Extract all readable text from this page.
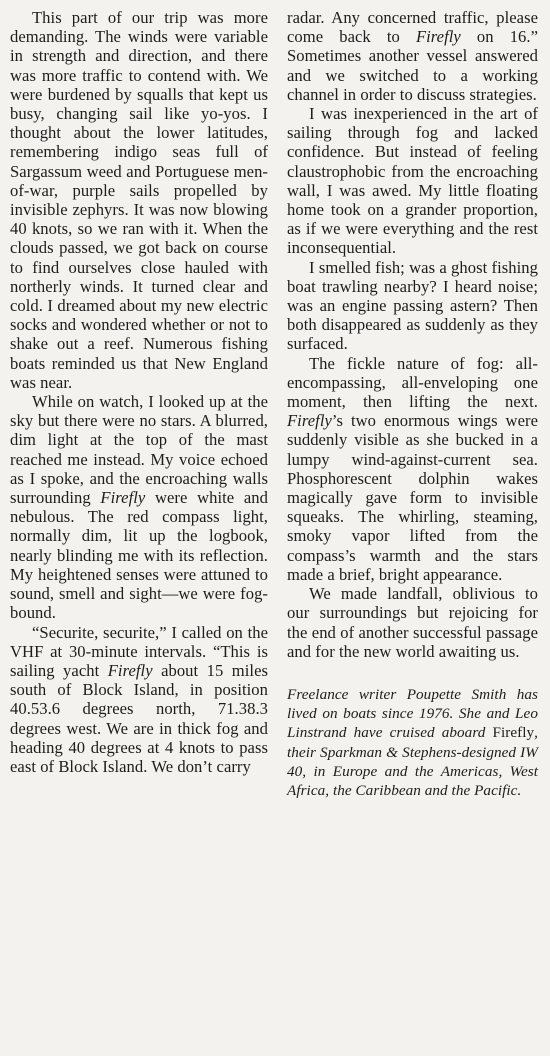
This part of our trip was more demanding. The winds were variable in strength and direction, and there was more traffic to contend with. We were burdened by squalls that kept us busy, changing sail like yo-yos. I thought about the lower latitudes, remembering indigo seas full of Sargassum weed and Portuguese men-of-war, purple sails propelled by invisible zephyrs. It was now blowing 40 knots, so we ran with it. When the clouds passed, we got back on course to find ourselves close hauled with northerly winds. It turned clear and cold. I dreamed about my new electric socks and wondered whether or not to shake out a reef. Numerous fishing boats reminded us that New England was near.

While on watch, I looked up at the sky but there were no stars. A blurred, dim light at the top of the mast reached me instead. My voice echoed as I spoke, and the encroaching walls surrounding Firefly were white and nebulous. The red compass light, normally dim, lit up the logbook, nearly blinding me with its reflection. My heightened senses were attuned to sound, smell and sight—we were fog-bound.

“Securite, securite,” I called on the VHF at 30-minute intervals. “This is sailing yacht Firefly about 15 miles south of Block Island, in position 40.53.6 degrees north, 71.38.3 degrees west. We are in thick fog and heading 40 degrees at 4 knots to pass east of Block Island. We don’t carry

radar. Any concerned traffic, please come back to Firefly on 16.” Sometimes another vessel answered and we switched to a working channel in order to discuss strategies.

I was inexperienced in the art of sailing through fog and lacked confidence. But instead of feeling claustrophobic from the encroaching wall, I was awed. My little floating home took on a grander proportion, as if we were everything and the rest inconsequential.

I smelled fish; was a ghost fishing boat trawling nearby? I heard noise; was an engine passing astern? Then both disappeared as suddenly as they surfaced.

The fickle nature of fog: all-encompassing, all-enveloping one moment, then lifting the next. Firefly’s two enormous wings were suddenly visible as she bucked in a lumpy wind-against-current sea. Phosphorescent dolphin wakes magically gave form to invisible squeaks. The whirling, steaming, smoky vapor lifted from the compass’s warmth and the stars made a brief, bright appearance.

We made landfall, oblivious to our surroundings but rejoicing for the end of another successful passage and for the new world awaiting us.

Freelance writer Poupette Smith has lived on boats since 1976. She and Leo Linstrand have cruised aboard Firefly, their Sparkman & Stephens-designed IW 40, in Europe and the Americas, West Africa, the Caribbean and the Pacific.
